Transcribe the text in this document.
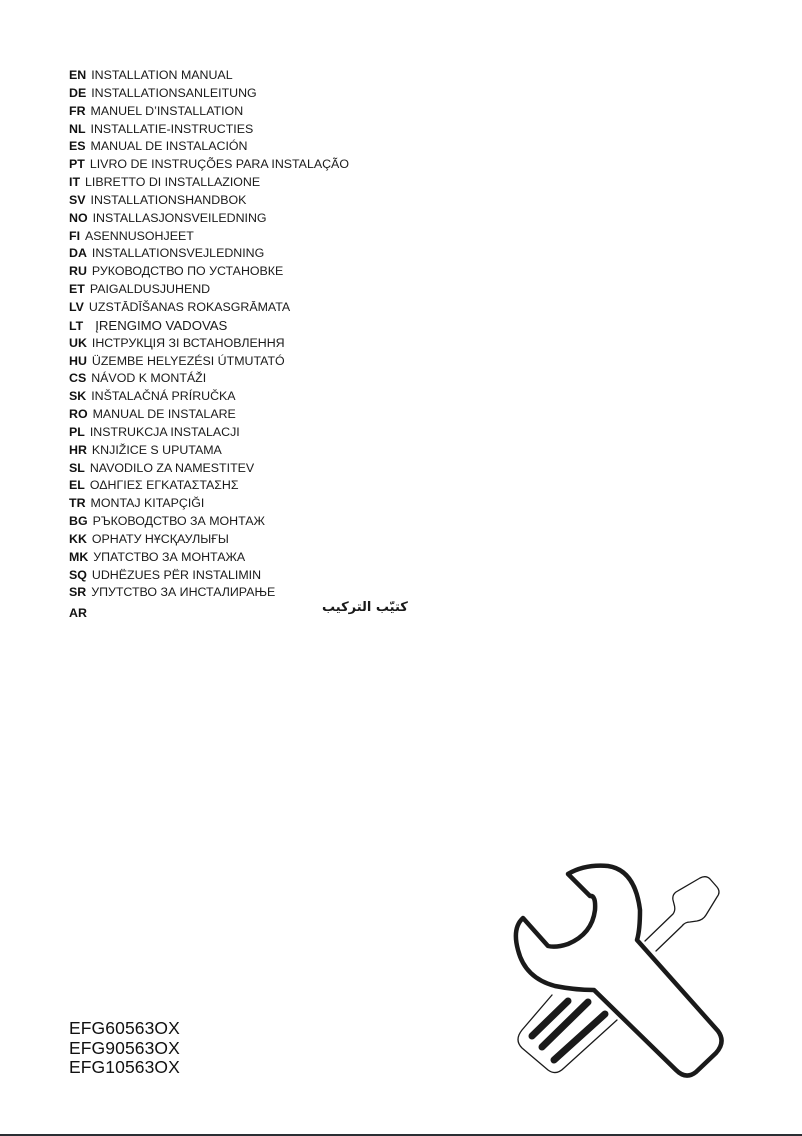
EN INSTALLATION MANUAL
DE INSTALLATIONSANLEITUNG
FR MANUEL D’INSTALLATION
NL INSTALLATIE-INSTRUCTIES
ES MANUAL DE INSTALACIÓN
PT LIVRO DE INSTRUÇÕES PARA INSTALAÇÃO
IT LIBRETTO DI INSTALLAZIONE
SV INSTALLATIONSHANDBOK
NO INSTALLASJONSVEILEDNING
FI ASENNUSOHJEET
DA INSTALLATIONSVEJLEDNING
RU РУКОВОДСТВО ПО УСТАНОВКЕ
ET PAIGALDUSJUHEND
LV UZSTĀDĪŠANAS ROKASGRĀMATA
LT ĮRENGIMO VADOVAS
UK ІНСТРУКЦІЯ ЗІ ВСТАНОВЛЕННЯ
HU ÜZEMBE HELYEZÉSI ÚTMUTATÓ
CS NÁVOD K MONTÁŽI
SK INŠTALAČNÁ PRÍRUČKA
RO MANUAL DE INSTALARE
PL INSTRUKCJA INSTALACJI
HR KNJIŽICE S UPUTAMA
SL NAVODILO ZA NAMESTITEV
EL ΟΔΗΓΙΕΣ ΕΓΚΑΤΑΣΤΑΣΗΣ
TR MONTAJ KITAPÇIĞI
BG РЪКОВОДСТВО ЗА МОНТАЖ
KK ОРНАТУ НҰСҚАУЛЫҒЫ
MK УПАТСТВО ЗА МОНТАЖА
SQ UDHËZUES PËR INSTALIMIN
SR УПУТСТВО ЗА ИНСТАЛИРАЊЕ
AR	كتيّب التركيب
EFG60563OX
EFG90563OX
EFG10563OX
